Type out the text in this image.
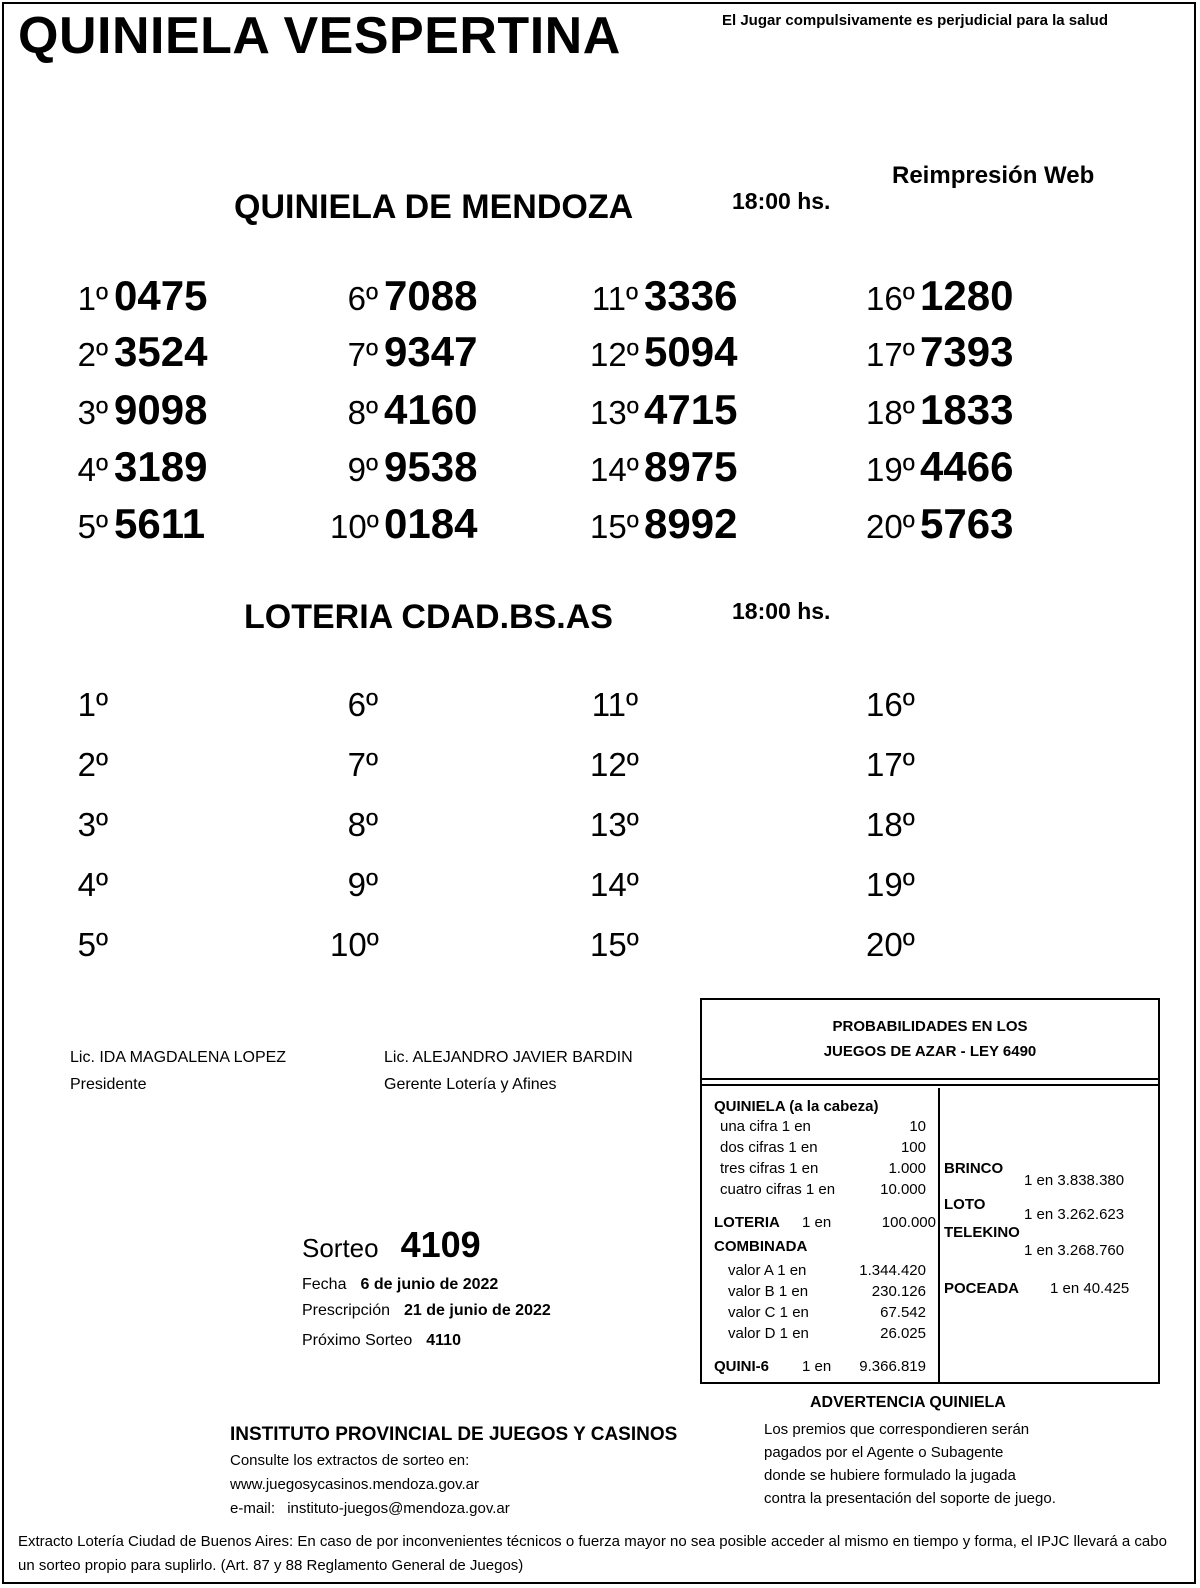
QUINIELA VESPERTINA	El Jugar compulsivamente es perjudicial para la salud
Reimpresión Web
QUINIELA DE MENDOZA	18:00 hs.
1º 0475
2º 3524
3º 9098
4º 3189
5º 5611
6º 7088
7º 9347
8º 4160
9º 9538
10º 0184
11º 3336
12º 5094
13º 4715
14º 8975
15º 8992
16º 1280
17º 7393
18º 1833
19º 4466
20º 5763
LOTERIA CDAD.BS.AS	18:00 hs.
1º
2º
3º
4º
5º
6º
7º
8º
9º
10º
11º
12º
13º
14º
15º
16º
17º
18º
19º
20º
Lic. IDA MAGDALENA LOPEZ
Presidente
Lic. ALEJANDRO JAVIER BARDIN
Gerente Lotería y Afines
Sorteo 4109
Fecha 6 de junio de 2022
Prescripción 21 de junio de 2022
Próximo Sorteo 4110
PROBABILIDADES EN LOS
JUEGOS DE AZAR - LEY 6490
QUINIELA (a la cabeza)
LOTERIA 1 en	100.000
COMBINADA
QUINI-6 1 en	9.366.819
BRINCO
1 en 3.838.380
LOTO
1 en 3.262.623
TELEKINO
1 en 3.268.760
POCEADA 1 en 40.425
una cifra 1 en	10
dos cifras 1 en	100
tres cifras 1 en	1.000
cuatro cifras 1 en	10.000
valor A 1 en	1.344.420
valor B 1 en	230.126
valor C 1 en	67.542
valor D 1 en	26.025
ADVERTENCIA QUINIELA
Los premios que correspondieren serán
pagados por el Agente o Subagente
donde se hubiere formulado la jugada
contra la presentación del soporte de juego.
INSTITUTO PROVINCIAL DE JUEGOS Y CASINOS
Consulte los extractos de sorteo en:
www.juegosycasinos.mendoza.gov.ar
e-mail: instituto-juegos@mendoza.gov.ar
Extracto Lotería Ciudad de Buenos Aires: En caso de por inconvenientes técnicos o fuerza mayor no sea posible acceder al mismo en tiempo y forma, el IPJC llevará a cabo un sorteo propio para suplirlo. (Art. 87 y 88 Reglamento General de Juegos)
